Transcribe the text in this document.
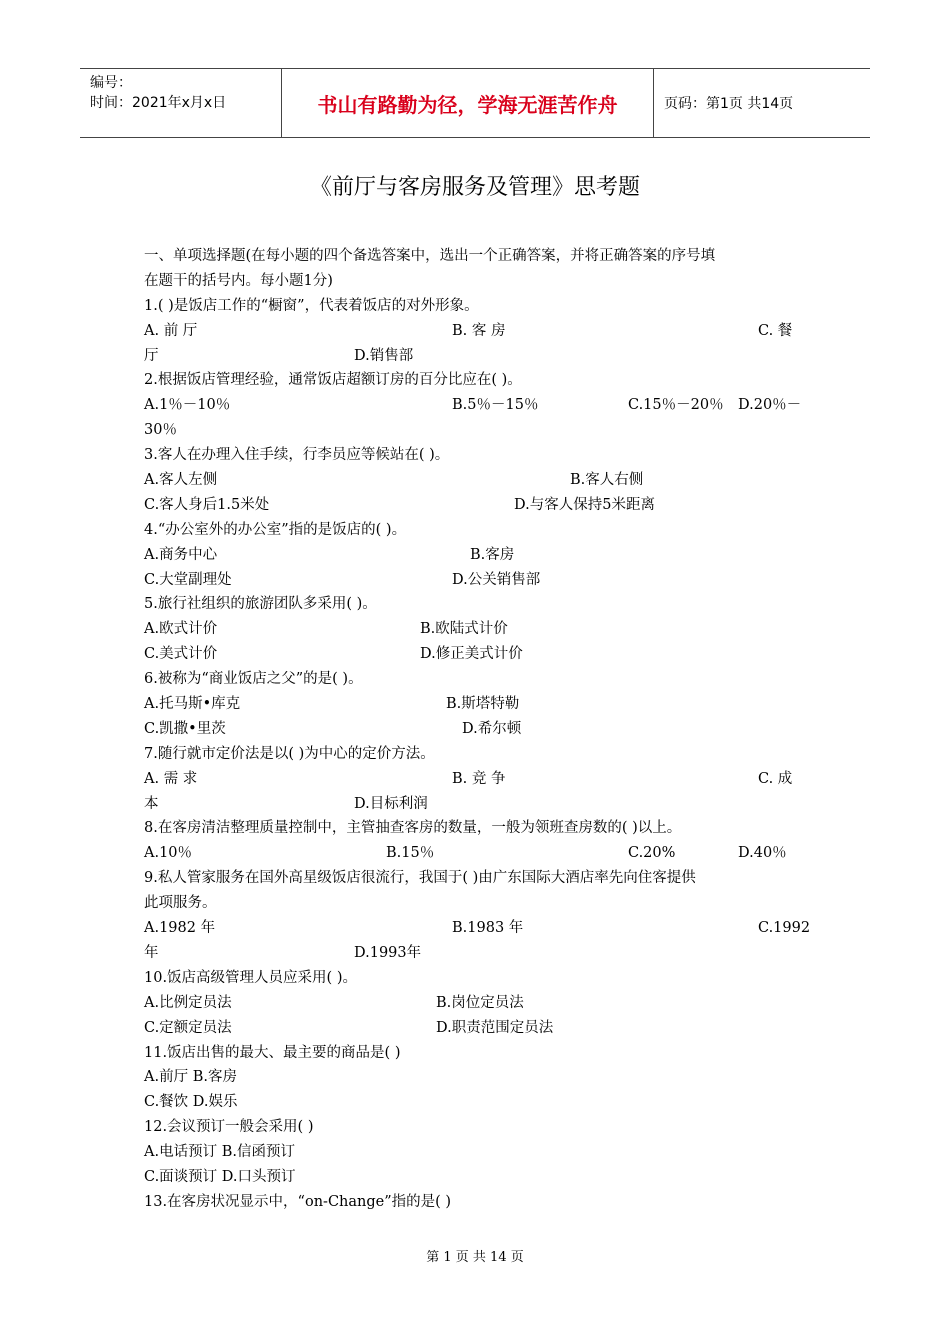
编号：
时间：2021年x月x日	书山有路勤为径，学海无涯苦作舟	页码：第1页 共14页
《前厅与客房服务及管理》思考题
一、单项选择题(在每小题的四个备选答案中，选出一个正确答案，并将正确答案的序号填
在题干的括号内。每小题1分)
1.( )是饭店工作的“橱窗”，代表着饭店的对外形象。
A. 前 厅	B. 客 房	C. 餐
厅	D.销售部
2.根据饭店管理经验，通常饭店超额订房的百分比应在( )。
A.1％－10％	B.5％－15％	C.15％－20％ D.20％－
30％
3.客人在办理入住手续，行李员应等候站在( )。
A.客人左侧	B.客人右侧
C.客人身后1.5米处	D.与客人保持5米距离
4.“办公室外的办公室”指的是饭店的( )。
A.商务中心	B.客房
C.大堂副理处	D.公关销售部
5.旅行社组织的旅游团队多采用( )。
A.欧式计价	B.欧陆式计价
C.美式计价	D.修正美式计价
6.被称为“商业饭店之父”的是( )。
A.托马斯•库克	B.斯塔特勒
C.凯撒•里茨	D.希尔顿
7.随行就市定价法是以( )为中心的定价方法。
A. 需 求	B. 竞 争	C. 成
本	D.目标利润
8.在客房清洁整理质量控制中，主管抽查客房的数量，一般为领班查房数的( )以上。
A.10％	B.15％	C.20%	D.40％
9.私人管家服务在国外高星级饭店很流行，我国于( )由广东国际大酒店率先向住客提供
此项服务。
A.1982 年	B.1983 年	C.1992
年	D.1993年
10.饭店高级管理人员应采用( )。
A.比例定员法	B.岗位定员法
C.定额定员法	D.职责范围定员法
11.饭店出售的最大、最主要的商品是( )
A.前厅 B.客房
C.餐饮 D.娱乐
12.会议预订一般会采用( )
A.电话预订 B.信函预订
C.面谈预订 D.口头预订
13.在客房状况显示中，“on-Change”指的是( )
第 1 页 共 14 页
